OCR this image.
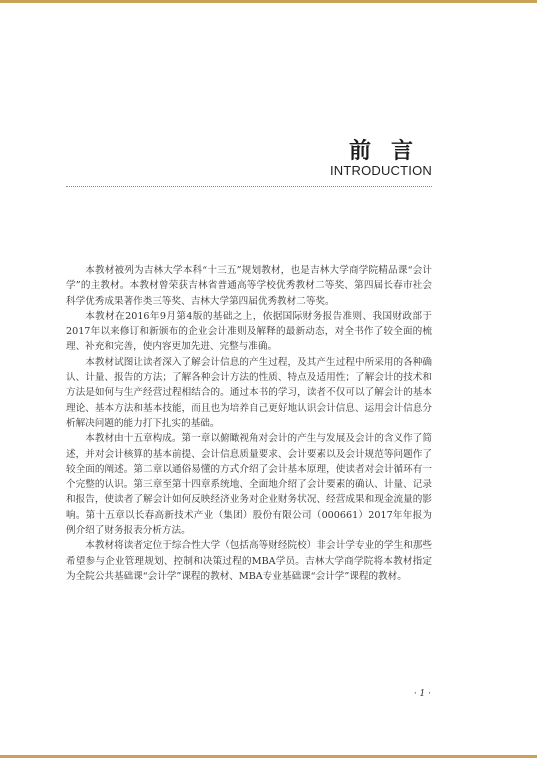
前言
INTRODUCTION

本教材被列为吉林大学本科“十三五”规划教材，也是吉林大学商学院精品课“会计学”的主教材。本教材曾荣获吉林省普通高等学校优秀教材二等奖、第四届长春市社会科学优秀成果著作类三等奖、吉林大学第四届优秀教材二等奖。

本教材在2016年9月第4版的基础之上，依据国际财务报告准则、我国财政部于2017年以来修订和新颁布的企业会计准则及解释的最新动态，对全书作了较全面的梳理、补充和完善，使内容更加先进、完整与准确。

本教材试图让读者深入了解会计信息的产生过程，及其产生过程中所采用的各种确认、计量、报告的方法；了解各种会计方法的性质、特点及适用性；了解会计的技术和方法是如何与生产经营过程相结合的。通过本书的学习，读者不仅可以了解会计的基本理论、基本方法和基本技能，而且也为培养自己更好地认识会计信息、运用会计信息分析解决问题的能力打下扎实的基础。

本教材由十五章构成。第一章以俯瞰视角对会计的产生与发展及会计的含义作了简述，并对会计核算的基本前提、会计信息质量要求、会计要素以及会计规范等问题作了较全面的阐述。第二章以通俗易懂的方式介绍了会计基本原理，使读者对会计循环有一个完整的认识。第三章至第十四章系统地、全面地介绍了会计要素的确认、计量、记录和报告，使读者了解会计如何反映经济业务对企业财务状况、经营成果和现金流量的影响。第十五章以长春高新技术产业（集团）股份有限公司（000661）2017年年报为例介绍了财务报表分析方法。

本教材将读者定位于综合性大学（包括高等财经院校）非会计学专业的学生和那些希望参与企业管理规划、控制和决策过程的MBA学员。吉林大学商学院将本教材指定为全院公共基础课“会计学”课程的教材、MBA专业基础课“会计学”课程的教材。

· 1 ·
